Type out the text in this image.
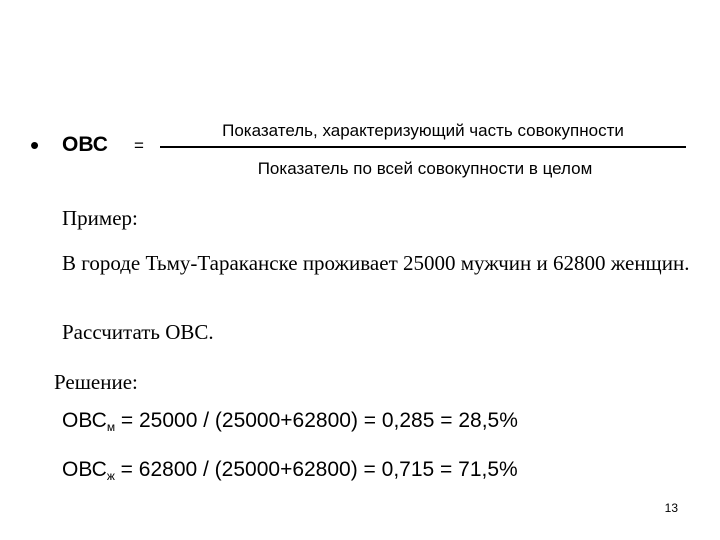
• ОВС =
Показатель, характеризующий часть совокупности
Показатель по всей совокупности в целом
Пример:
В городе Тьму-Тараканске проживает 25000 мужчин и 62800 женщин.
Рассчитать ОВС.
Решение:
$ОВС_м = 25000 / (25000+62800) = 0,285 = 28,5\%$
$ОВС_ж = 62800 / (25000+62800) = 0,715 = 71,5\%$
13
